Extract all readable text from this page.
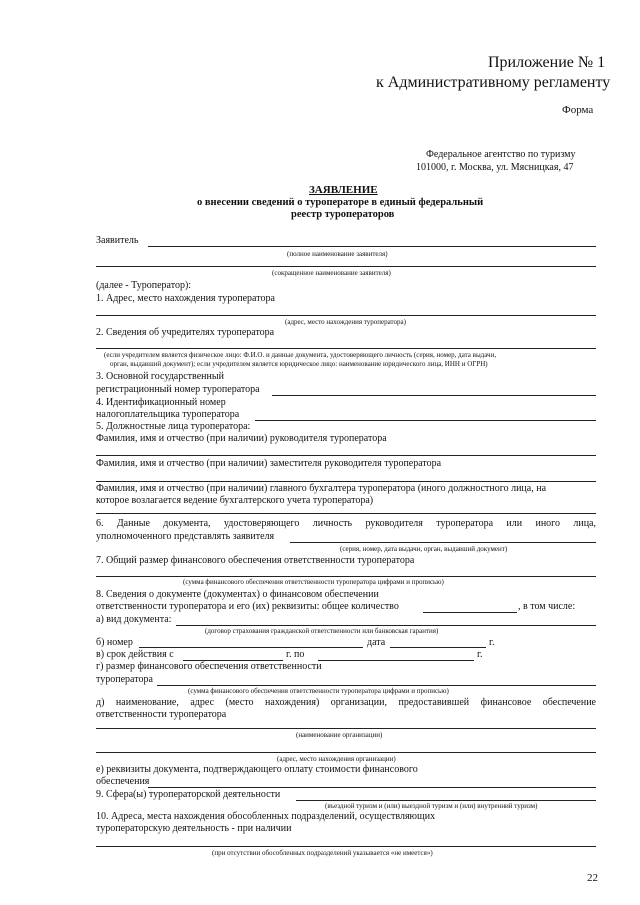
Приложение № 1
к Административному регламенту
Форма
Федеральное агентство по туризму
101000, г. Москва, ул. Мясницкая, 47
ЗАЯВЛЕНИЕ
о внесении сведений о туроператоре в единый федеральный
реестр туроператоров
Заявитель
(полное наименование заявителя)
(сокращенное наименование заявителя)
(далее - Туроператор):
1. Адрес, место нахождения туроператора
(адрес, место нахождения туроператора)
2. Сведения об учредителях туроператора
(если учредителем является физическое лицо: Ф.И.О. и данные документа, удостоверяющего личность (серия, номер, дата выдачи,
орган, выдавший документ); если учредителем является юридическое лицо: наименование юридического лица, ИНН и ОГРН)
3. Основной государственный
регистрационный номер туроператора
4. Идентификационный номер
налогоплательщика туроператора
5. Должностные лица туроператора:
Фамилия, имя и отчество (при наличии) руководителя туроператора
Фамилия, имя и отчество (при наличии) заместителя руководителя туроператора
Фамилия, имя и отчество (при наличии) главного бухгалтера туроператора (иного должностного лица, на
которое возлагается ведение бухгалтерского учета туроператора)
6. Данные документа, удостоверяющего личность руководителя туроператора или иного лица,
уполномоченного представлять заявителя
(серия, номер, дата выдачи, орган, выдавший документ)
7. Общий размер финансового обеспечения ответственности туроператора
(сумма финансового обеспечения ответственности туроператора цифрами и прописью)
8. Сведения о документе (документах) о финансовом обеспечении
ответственности туроператора и его (их) реквизиты: общее количество	, в том числе:
а) вид документа:
(договор страхования гражданской ответственности или банковская гарантия)
б) номер	дата	г.
в) срок действия с	г. по	г.
г) размер финансового обеспечения ответственности
туроператора
(сумма финансового обеспечения ответственности туроператора цифрами и прописью)
д) наименование, адрес (место нахождения) организации, предоставившей финансовое обеспечение
ответственности туроператора
(наименование организации)
(адрес, место нахождения организации)
е) реквизиты документа, подтверждающего оплату стоимости финансового
обеспечения
9. Сфера(ы) туроператорской деятельности
(въездной туризм и (или) выездной туризм и (или) внутренний туризм)
10. Адреса, места нахождения обособленных подразделений, осуществляющих
туроператорскую деятельность - при наличии
(при отсутствии обособленных подразделений указывается «не имеется»)
22
